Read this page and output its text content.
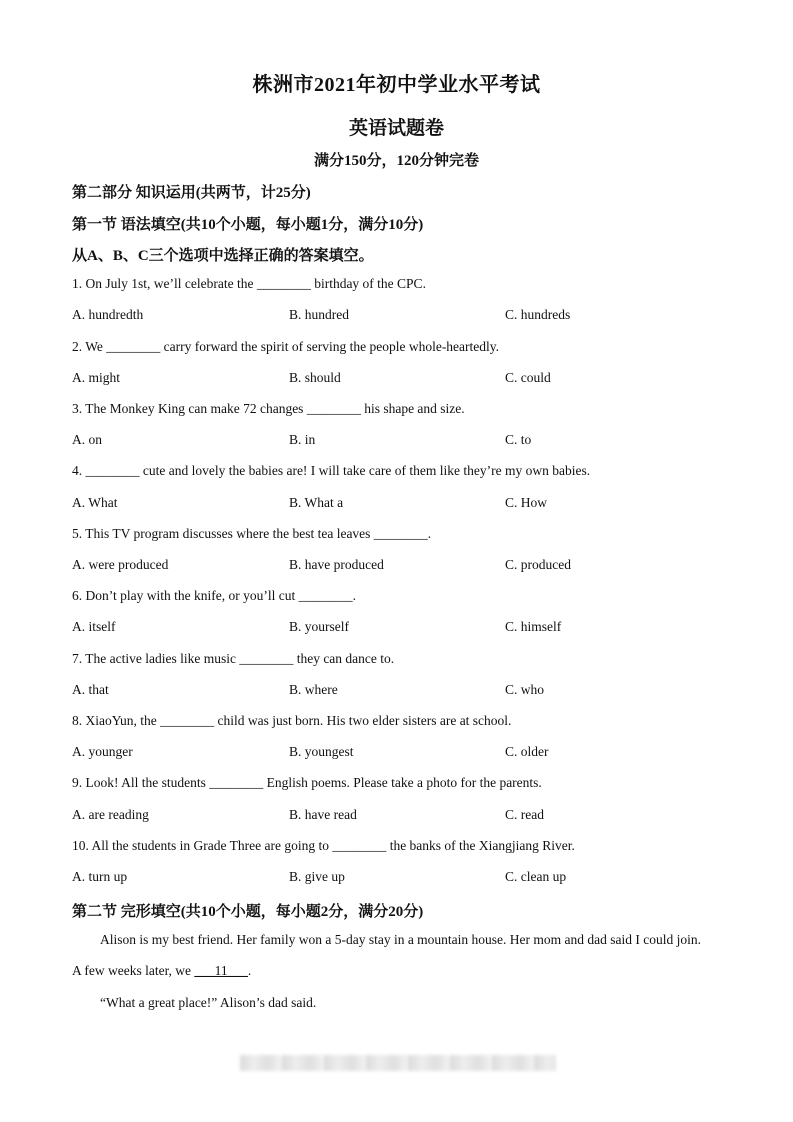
株洲市2021年初中学业水平考试
英语试题卷
满分150分，120分钟完卷
第二部分 知识运用(共两节，计25分)
第一节 语法填空(共10个小题，每小题1分，满分10分)
从A、B、C三个选项中选择正确的答案填空。
1. On July 1st, we’ll celebrate the ________ birthday of the CPC.
A. hundredth	B. hundred	C. hundreds
2. We ________ carry forward the spirit of serving the people whole-heartedly.
A. might	B. should	C. could
3. The Monkey King can make 72 changes ________ his shape and size.
A. on	B. in	C. to
4. ________ cute and lovely the babies are! I will take care of them like they’re my own babies.
A. What	B. What a	C. How
5. This TV program discusses where the best tea leaves ________.
A. were produced	B. have produced	C. produced
6. Don’t play with the knife, or you’ll cut ________.
A. itself	B. yourself	C. himself
7. The active ladies like music ________ they can dance to.
A. that	B. where	C. who
8. XiaoYun, the ________ child was just born. His two elder sisters are at school.
A. younger	B. youngest	C. older
9. Look! All the students ________ English poems. Please take a photo for the parents.
A. are reading	B. have read	C. read
10. All the students in Grade Three are going to ________ the banks of the Xiangjiang River.
A. turn up	B. give up	C. clean up
第二节 完形填空(共10个小题，每小题2分，满分20分)
Alison is my best friend. Her family won a 5-day stay in a mountain house. Her mom and dad said I could join.
A few weeks later, we ___11___.
“What a great place!” Alison’s dad said.
